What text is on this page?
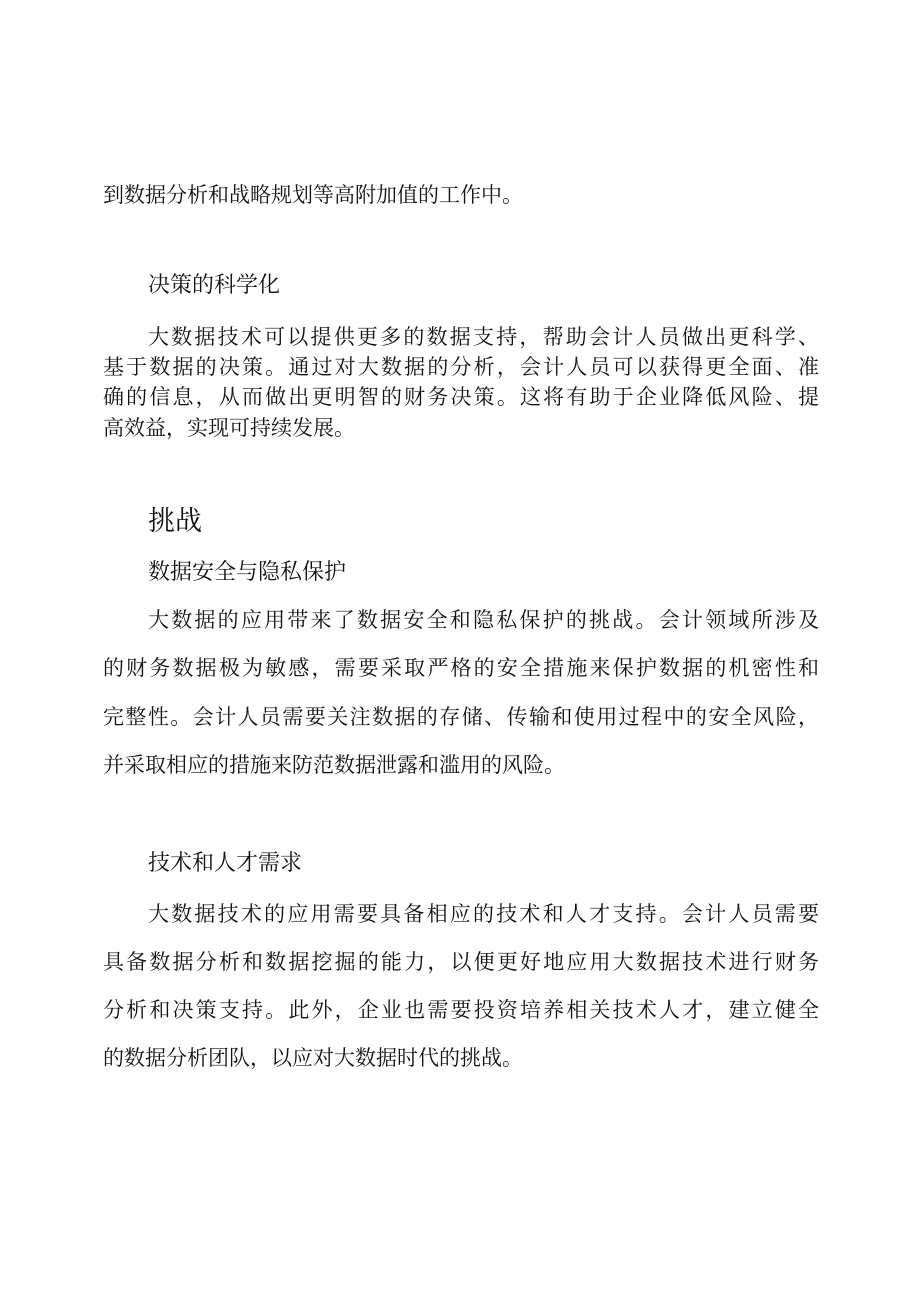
到数据分析和战略规划等高附加值的工作中。
决策的科学化
大数据技术可以提供更多的数据支持，帮助会计人员做出更科学、
基于数据的决策。通过对大数据的分析，会计人员可以获得更全面、准
确的信息，从而做出更明智的财务决策。这将有助于企业降低风险、提
高效益，实现可持续发展。
挑战
数据安全与隐私保护
大数据的应用带来了数据安全和隐私保护的挑战。会计领域所涉及
的财务数据极为敏感，需要采取严格的安全措施来保护数据的机密性和
完整性。会计人员需要关注数据的存储、传输和使用过程中的安全风险，
并采取相应的措施来防范数据泄露和滥用的风险。
技术和人才需求
大数据技术的应用需要具备相应的技术和人才支持。会计人员需要
具备数据分析和数据挖掘的能力，以便更好地应用大数据技术进行财务
分析和决策支持。此外，企业也需要投资培养相关技术人才，建立健全
的数据分析团队，以应对大数据时代的挑战。
